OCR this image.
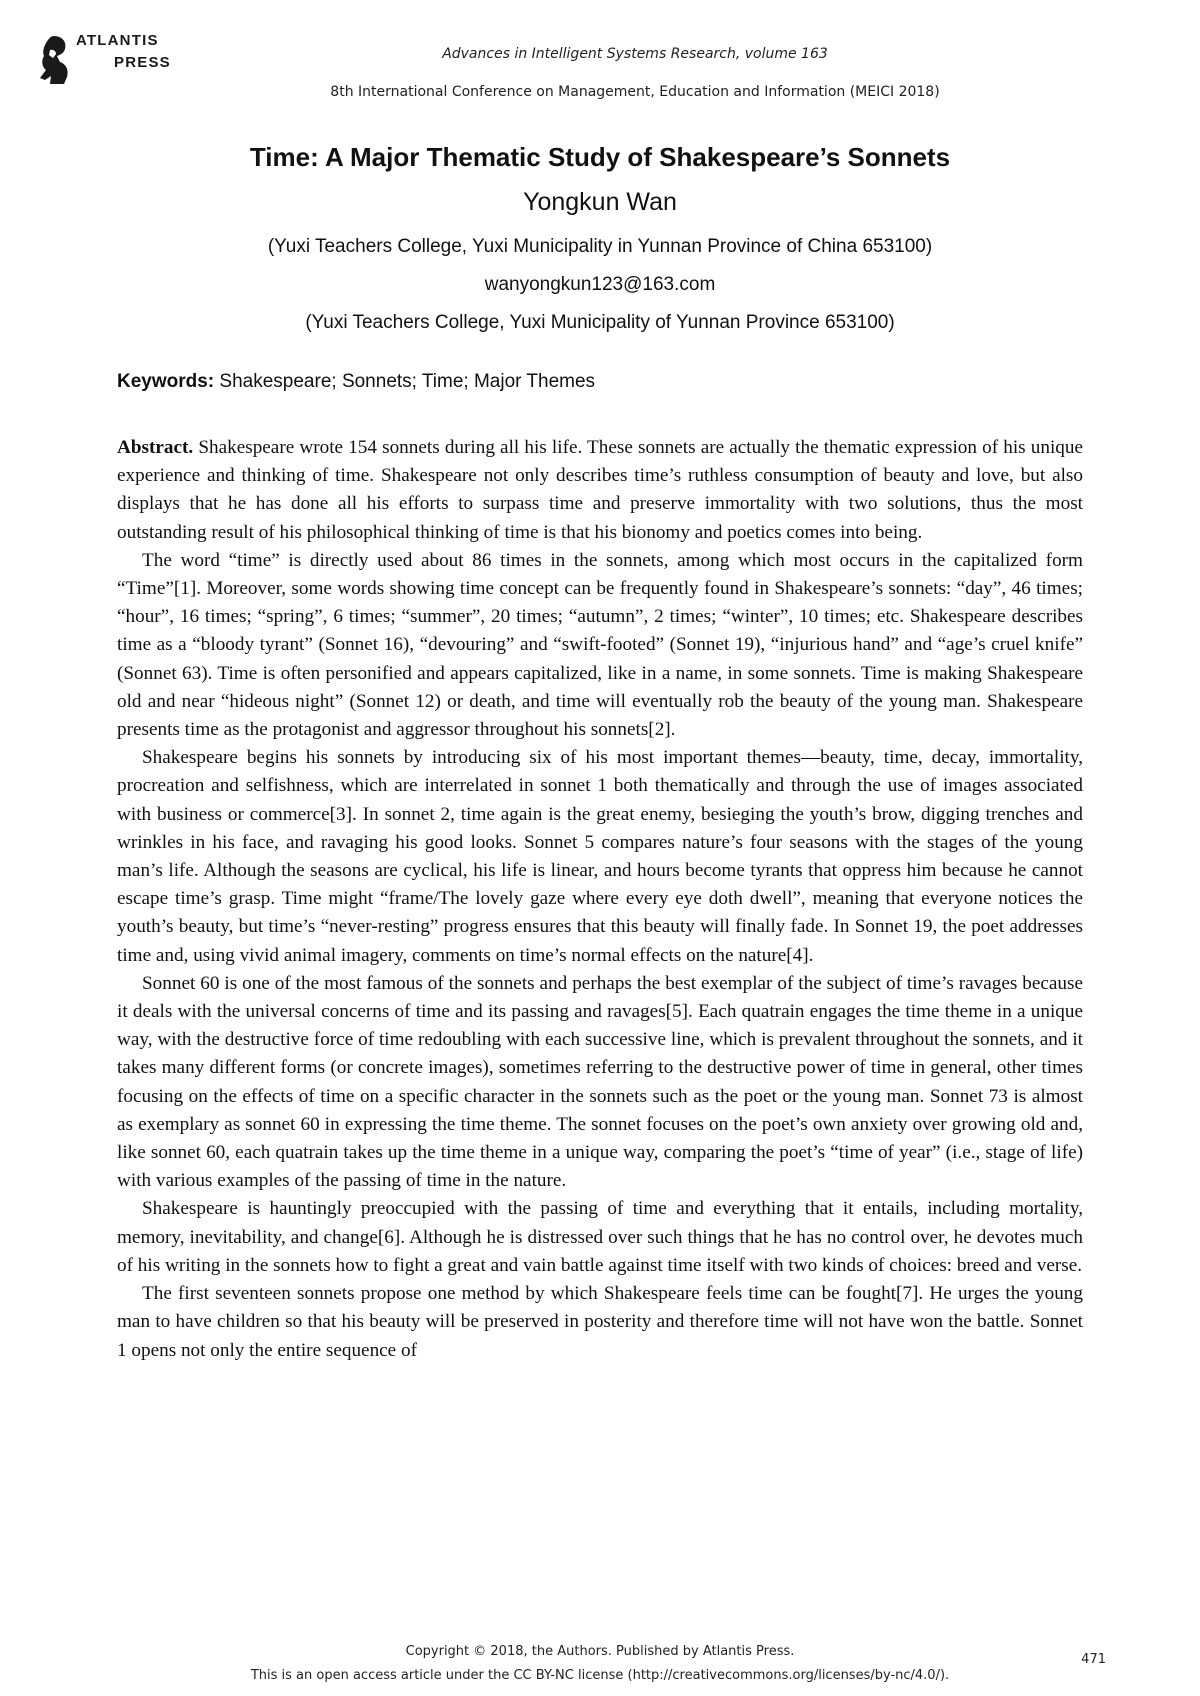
ATLANTIS
PRESS	Advances in Intelligent Systems Research, volume 163
8th International Conference on Management, Education and Information (MEICI 2018)
Time: A Major Thematic Study of Shakespeare’s Sonnets
Yongkun Wan
(Yuxi Teachers College, Yuxi Municipality in Yunnan Province of China 653100)
wanyongkun123@163.com
(Yuxi Teachers College, Yuxi Municipality of Yunnan Province 653100)
Keywords: Shakespeare; Sonnets; Time; Major Themes

Abstract. Shakespeare wrote 154 sonnets during all his life. These sonnets are actually the thematic expression of his unique experience and thinking of time. Shakespeare not only describes time’s ruthless consumption of beauty and love, but also displays that he has done all his efforts to surpass time and preserve immortality with two solutions, thus the most outstanding result of his philosophical thinking of time is that his bionomy and poetics comes into being.

The word “time” is directly used about 86 times in the sonnets, among which most occurs in the capitalized form “Time”[1]. Moreover, some words showing time concept can be frequently found in Shakespeare’s sonnets: “day”, 46 times; “hour”, 16 times; “spring”, 6 times; “summer”, 20 times; “autumn”, 2 times; “winter”, 10 times; etc. Shakespeare describes time as a “bloody tyrant” (Sonnet 16), “devouring” and “swift-footed” (Sonnet 19), “injurious hand” and “age’s cruel knife” (Sonnet 63). Time is often personified and appears capitalized, like in a name, in some sonnets. Time is making Shakespeare old and near “hideous night” (Sonnet 12) or death, and time will eventually rob the beauty of the young man. Shakespeare presents time as the protagonist and aggressor throughout his sonnets[2].

Shakespeare begins his sonnets by introducing six of his most important themes—beauty, time, decay, immortality, procreation and selfishness, which are interrelated in sonnet 1 both thematically and through the use of images associated with business or commerce[3]. In sonnet 2, time again is the great enemy, besieging the youth’s brow, digging trenches and wrinkles in his face, and ravaging his good looks. Sonnet 5 compares nature’s four seasons with the stages of the young man’s life. Although the seasons are cyclical, his life is linear, and hours become tyrants that oppress him because he cannot escape time’s grasp. Time might “frame/The lovely gaze where every eye doth dwell”, meaning that everyone notices the youth’s beauty, but time’s “never-resting” progress ensures that this beauty will finally fade. In Sonnet 19, the poet addresses time and, using vivid animal imagery, comments on time’s normal effects on the nature[4].

Sonnet 60 is one of the most famous of the sonnets and perhaps the best exemplar of the subject of time’s ravages because it deals with the universal concerns of time and its passing and ravages[5]. Each quatrain engages the time theme in a unique way, with the destructive force of time redoubling with each successive line, which is prevalent throughout the sonnets, and it takes many different forms (or concrete images), sometimes referring to the destructive power of time in general, other times focusing on the effects of time on a specific character in the sonnets such as the poet or the young man. Sonnet 73 is almost as exemplary as sonnet 60 in expressing the time theme. The sonnet focuses on the poet’s own anxiety over growing old and, like sonnet 60, each quatrain takes up the time theme in a unique way, comparing the poet’s “time of year” (i.e., stage of life) with various examples of the passing of time in the nature.

Shakespeare is hauntingly preoccupied with the passing of time and everything that it entails, including mortality, memory, inevitability, and change[6]. Although he is distressed over such things that he has no control over, he devotes much of his writing in the sonnets how to fight a great and vain battle against time itself with two kinds of choices: breed and verse.

The first seventeen sonnets propose one method by which Shakespeare feels time can be fought[7]. He urges the young man to have children so that his beauty will be preserved in posterity and therefore time will not have won the battle. Sonnet 1 opens not only the entire sequence of

Copyright © 2018, the Authors. Published by Atlantis Press.
This is an open access article under the CC BY-NC license (http://creativecommons.org/licenses/by-nc/4.0/).
471
